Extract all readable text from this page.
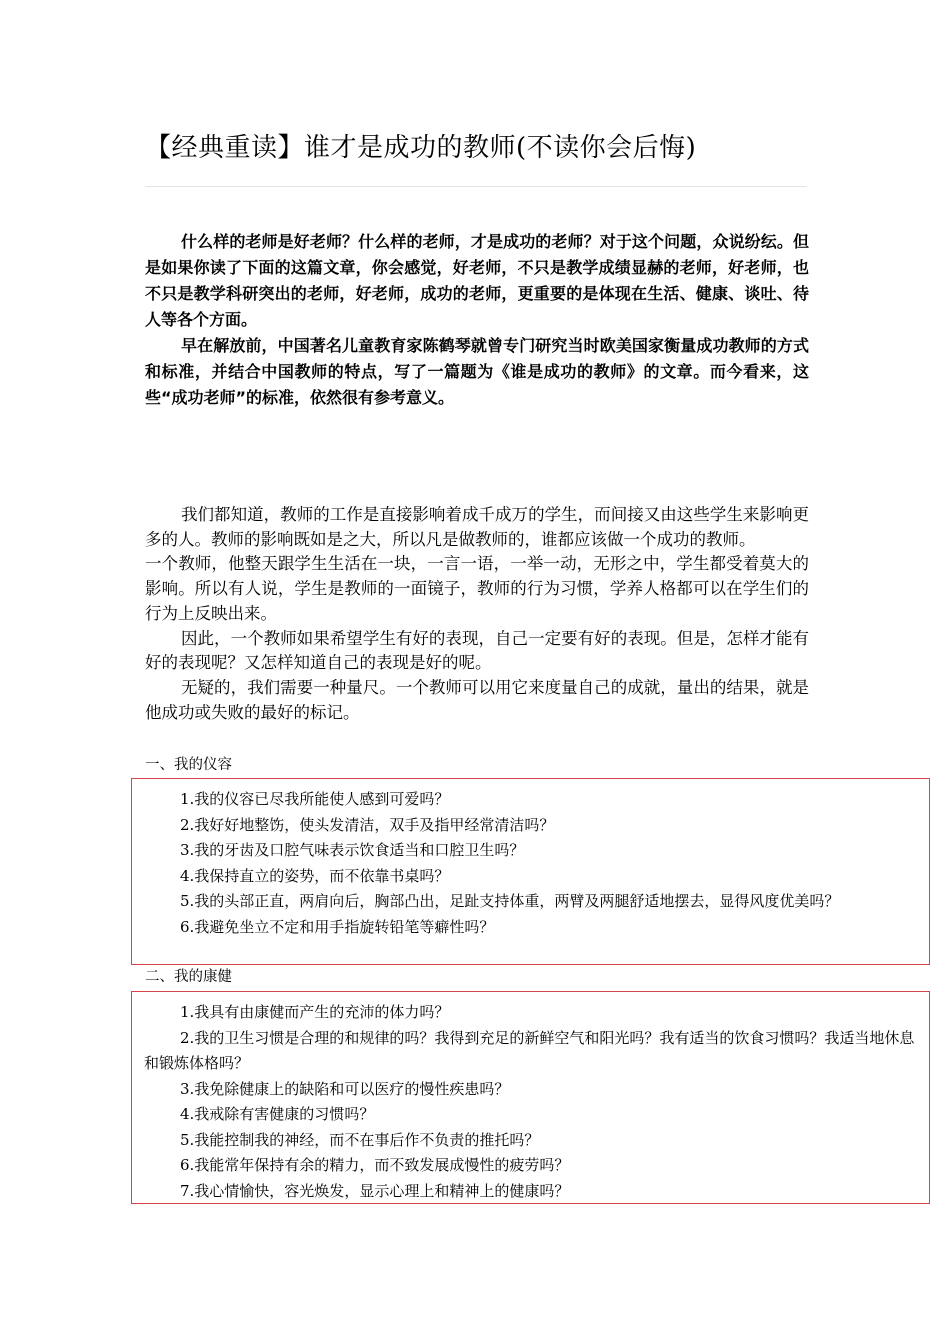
【经典重读】谁才是成功的教师(不读你会后悔)

什么样的老师是好老师？什么样的老师，才是成功的老师？对于这个问题，众说纷纭。但是如果你读了下面的这篇文章，你会感觉，好老师，不只是教学成绩显赫的老师，好老师，也不只是教学科研突出的老师，好老师，成功的老师，更重要的是体现在生活、健康、谈吐、待人等各个方面。

早在解放前，中国著名儿童教育家陈鹤琴就曾专门研究当时欧美国家衡量成功教师的方式和标准，并结合中国教师的特点，写了一篇题为《谁是成功的教师》的文章。而今看来，这些“成功老师”的标准，依然很有参考意义。

我们都知道，教师的工作是直接影响着成千成万的学生，而间接又由这些学生来影响更多的人。教师的影响既如是之大，所以凡是做教师的，谁都应该做一个成功的教师。

一个教师，他整天跟学生生活在一块，一言一语，一举一动，无形之中，学生都受着莫大的影响。所以有人说，学生是教师的一面镜子，教师的行为习惯，学养人格都可以在学生们的行为上反映出来。

因此，一个教师如果希望学生有好的表现，自己一定要有好的表现。但是，怎样才能有好的表现呢？又怎样知道自己的表现是好的呢。

无疑的，我们需要一种量尺。一个教师可以用它来度量自己的成就，量出的结果，就是他成功或失败的最好的标记。

一、我的仪容

1.我的仪容已尽我所能使人感到可爱吗？

2.我好好地整饬，使头发清洁，双手及指甲经常清洁吗？

3.我的牙齿及口腔气味表示饮食适当和口腔卫生吗？

4.我保持直立的姿势，而不依靠书桌吗？

5.我的头部正直，两肩向后，胸部凸出，足趾支持体重，两臂及两腿舒适地摆去，显得风度优美吗？

6.我避免坐立不定和用手指旋转铅笔等癖性吗？

二、我的康健

1.我具有由康健而产生的充沛的体力吗？

2.我的卫生习惯是合理的和规律的吗？我得到充足的新鲜空气和阳光吗？我有适当的饮食习惯吗？我适当地休息和锻炼体格吗？

3.我免除健康上的缺陷和可以医疗的慢性疾患吗？

4.我戒除有害健康的习惯吗？

5.我能控制我的神经，而不在事后作不负责的推托吗？

6.我能常年保持有余的精力，而不致发展成慢性的疲劳吗？

7.我心情愉快，容光焕发，显示心理上和精神上的健康吗？
